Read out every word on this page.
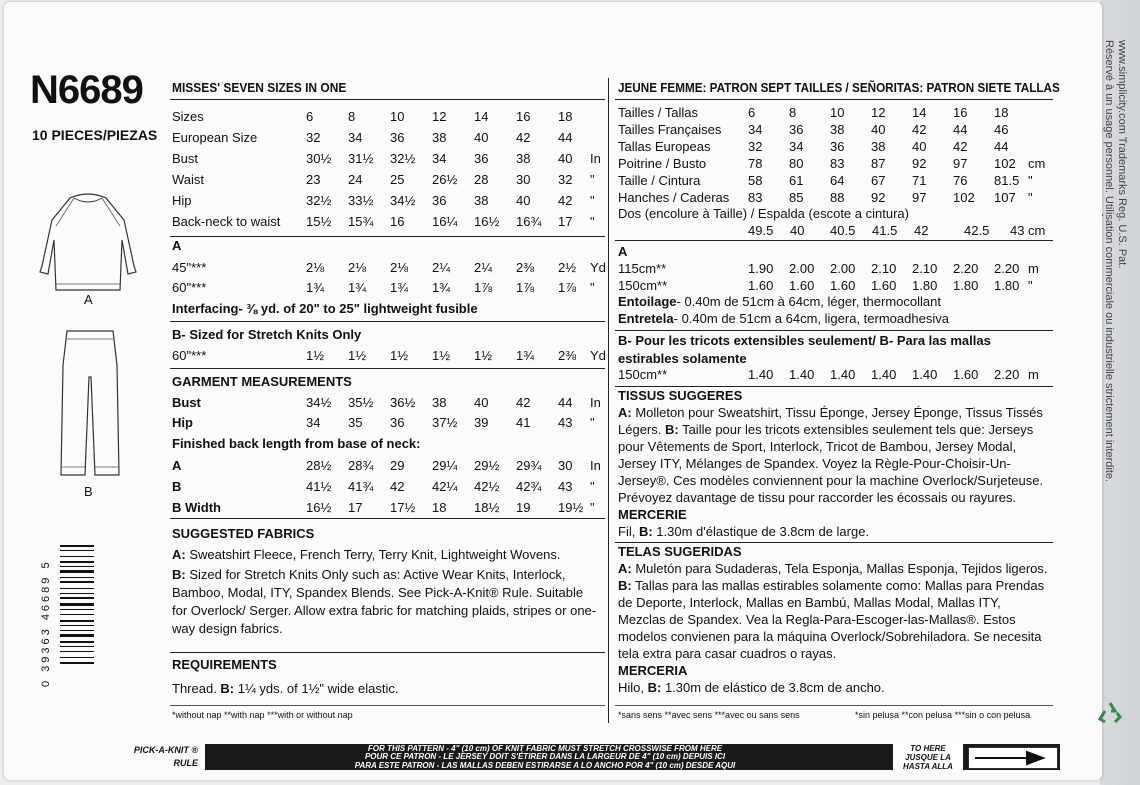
www.simplicity.com Trademarks Reg. U.S. Pat.
Réservé à un usage personnel. Utilisation commerciale ou industrielle strictement interdite.
N6689
10 PIECES/PIEZAS
A
B
0 39363 46689 5
MISSES' SEVEN SIZES IN ONE
Sizes	6	8	10 12 14 16 18
European Size	32 34 36 38 40 42 44
Bust	30½ 31½ 32½ 34 36 38 40 In
Waist	23 24 25 26½ 28 30 32 "
Hip	32½ 33½ 34½ 36 38 40 42 "
Back-neck to waist 15½ 15¾ 16 16¼ 16½ 16¾ 17 "
A
45"***	2⅛ 2⅛ 2⅛ 2¼ 2¼ 2⅜ 2½ Yd
60"***	1¾ 1¾ 1¾ 1¾ 1⅞ 1⅞ 1⅞ "
Interfacing- ⅜ yd. of 20" to 25" lightweight fusible
B- Sized for Stretch Knits Only
60"***	1½ 1½ 1½ 1½ 1½ 1¾ 2⅜ Yd
GARMENT MEASUREMENTS
Bust	34½ 35½ 36½ 38 40 42 44 In
Hip	34 35 36 37½ 39 41 43 "
Finished back length from base of neck:
A	28½ 28¾ 29 29¼ 29½ 29¾ 30 In
B	41½ 41¾ 42 42¼ 42½ 42¾ 43 "
B Width	16½ 17 17½ 18 18½ 19 19½ "
SUGGESTED FABRICS
A: Sweatshirt Fleece, French Terry, Terry Knit, Lightweight Wovens.
B: Sized for Stretch Knits Only such as: Active Wear Knits, Interlock, Bamboo, Modal, ITY, Spandex Blends. See Pick-A-Knit® Rule. Suitable for Overlock/ Serger. Allow extra fabric for matching plaids, stripes or one-way design fabrics.
REQUIREMENTS
Thread. B: 1¼ yds. of 1½" wide elastic.
*without nap **with nap ***with or without nap
JEUNE FEMME: PATRON SEPT TAILLES / SEÑORITAS: PATRON SIETE TALLAS
Tailles / Tallas	6	8	10 12 14 16 18
Tailles Françaises 34 36 38 40 42 44 46
Tallas Europeas	32 34 36 38 40 42 44
Poitrine / Busto	78 80 83 87 92 97 102 cm
Taille / Cintura	58 61 64 67 71 76 81.5 "
Hanches / Caderas 83 85 88 92 97 102 107 "
Dos (encolure à Taille) / Espalda (escote a cintura)
49.5 40 40.5 41.5 42	42.5 43 cm
A
115cm**	1.90 2.00 2.00 2.10 2.10 2.20 2.20 m
150cm**	1.60 1.60 1.60 1.60 1.80 1.80 1.80 "
Entoilage- 0.40m de 51cm à 64cm, léger, thermocollant
Entretela- 0.40m de 51cm a 64cm, ligera, termoadhesiva
B- Pour les tricots extensibles seulement/ B- Para las mallas estirables solamente
150cm**	1.40 1.40 1.40 1.40 1.40 1.60 2.20 m
TISSUS SUGGERES
A: Molleton pour Sweatshirt, Tissu Éponge, Jersey Éponge, Tissus Tissés Légers. B: Taille pour les tricots extensibles seulement tels que: Jerseys pour Vêtements de Sport, Interlock, Tricot de Bambou, Jersey Modal, Jersey ITY, Mélanges de Spandex. Voyez la Règle-Pour-Choisir-Un-Jersey®. Ces modèles conviennent pour la machine Overlock/Surjeteuse. Prévoyez davantage de tissu pour raccorder les écossais ou rayures.
MERCERIE
Fil, B: 1.30m d'élastique de 3.8cm de large.
TELAS SUGERIDAS
A: Muletón para Sudaderas, Tela Esponja, Mallas Esponja, Tejidos ligeros.
B: Tallas para las mallas estirables solamente como: Mallas para Prendas de Deporte, Interlock, Mallas en Bambú, Mallas Modal, Mallas ITY, Mezclas de Spandex. Vea la Regla-Para-Escoger-las-Mallas®. Estos modelos convienen para la máquina Overlock/Sobrehiladora. Se necesita tela extra para casar cuadros o rayas.
MERCERIA
Hilo, B: 1.30m de elástico de 3.8cm de ancho.
*sans sens **avec sens ***avec ou sans sens	*sin pelusa **con pelusa ***sin o con pelusa
PICK-A-KNIT ®
RULE
FOR THIS PATTERN - 4" (10 cm) OF KNIT FABRIC MUST STRETCH CROSSWISE FROM HERE
POUR CE PATRON - LE JERSEY DOIT S'ÉTIRER DANS LA LARGEUR DE 4" (10 cm) DEPUIS ICI
PARA ESTE PATRON - LAS MALLAS DEBEN ESTIRARSE A LO ANCHO POR 4" (10 cm) DESDE AQUI
TO HERE
JUSQUE LA
HASTA ALLA
